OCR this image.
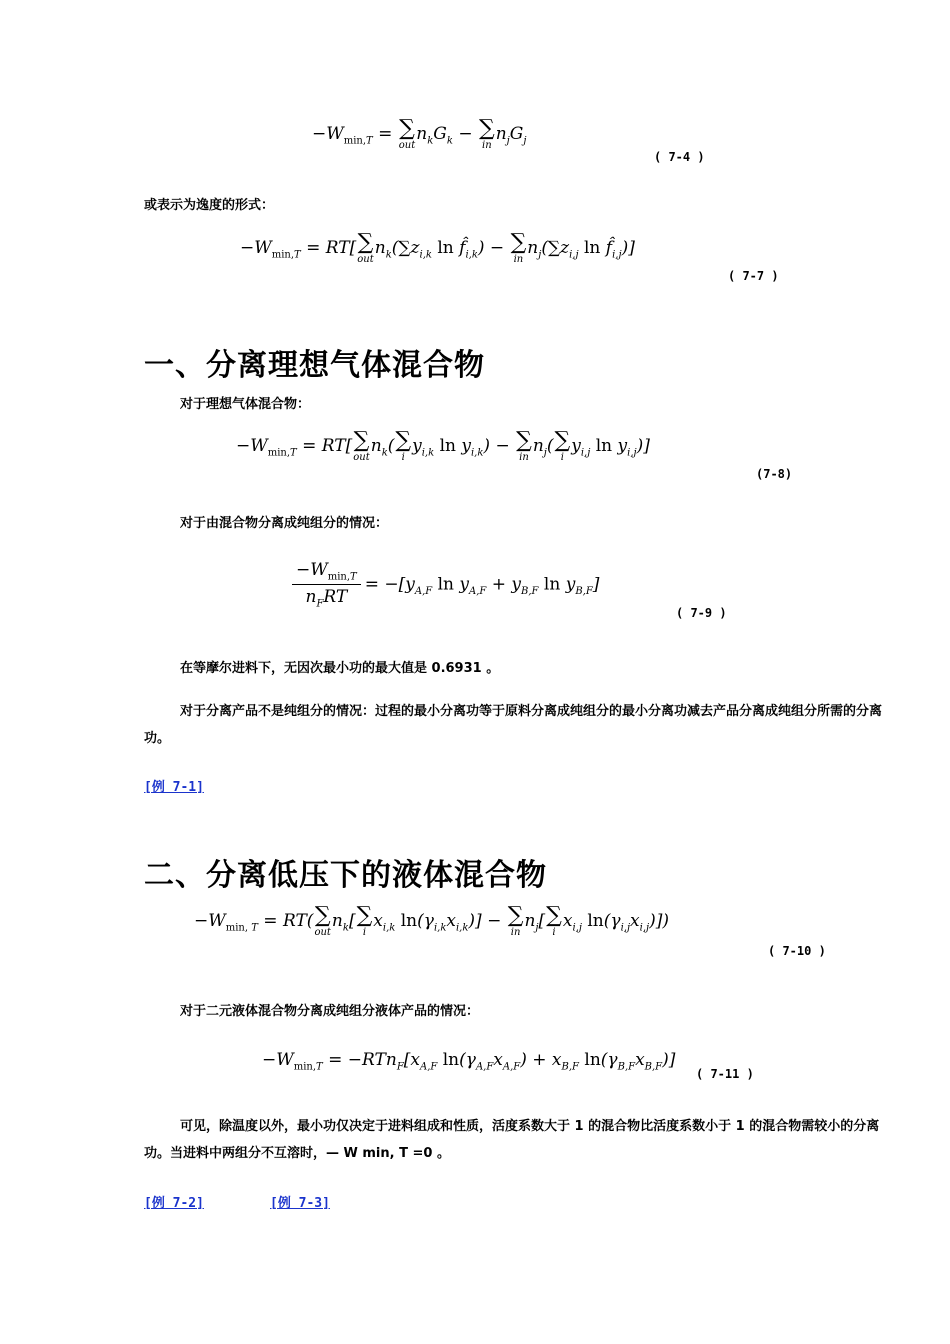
$-W_{min,T}$ = ∑
out
$n_kG_k$ − ∑
in
$n_jG_j$
( 7-4 )
或表示为逸度的形式：
$-W_{min,T} = RT$[ ∑
out
$n_k(\sum z_{i,k}$ $\ln f̂_{i,k}$) − ∑
in
$n_j(\sum z_{i,j}$ $\ln f̂_{i,j}$)]
( 7-7 )
一、分离理想气体混合物
对于理想气体混合物：
$-W_{min,T} = RT$[ ∑
out
$n_k$( ∑
i
$y_{i,k}$ $\ln y_{i,k}$) − ∑
in
$n_j$( ∑
i
$y_{i,j}$ $\ln y_{i,j}$)]
(7-8)
对于由混合物分离成纯组分的情况：
$\frac{-W_{min,T}}{n_FRT} = -[y_{A,F}$ $\ln y_{A,F} + y_{B,F}$ $\ln y_{B,F}$]
( 7-9 )
在等摩尔进料下，无因次最小功的最大值是 0.6931 。
对于分离产品不是纯组分的情况：过程的最小分离功等于原料分离成纯组分的最小分离功减去产品分离成纯组分所需的分离功。
[例 7-1]
二、分离低压下的液体混合物
$-W_{min, T} = RT$( ∑
out
$n_k$[ ∑
i
$x_{i,k}$ $\ln(\gamma_{i,k}x_{i,k})$] − ∑
in
$n_j$[ ∑
i
$x_{i,j}$ $\ln(\gamma_{i,j}x_{i,j})$])
( 7-10 )
对于二元液体混合物分离成纯组分液体产品的情况：
$-W_{min,T} = -RTn_F[x_{A,F}$ $\ln(\gamma_{A,F}x_{A,F}) + x_{B,F}$ $\ln(\gamma_{B,F}x_{B,F})$]
( 7-11 )
可见，除温度以外，最小功仅决定于进料组成和性质，活度系数大于 1 的混合物比活度系数小于 1 的混合物需较小的分离功。当进料中两组分不互溶时，— W min, T =0 。
[例 7-2]	[例 7-3]
